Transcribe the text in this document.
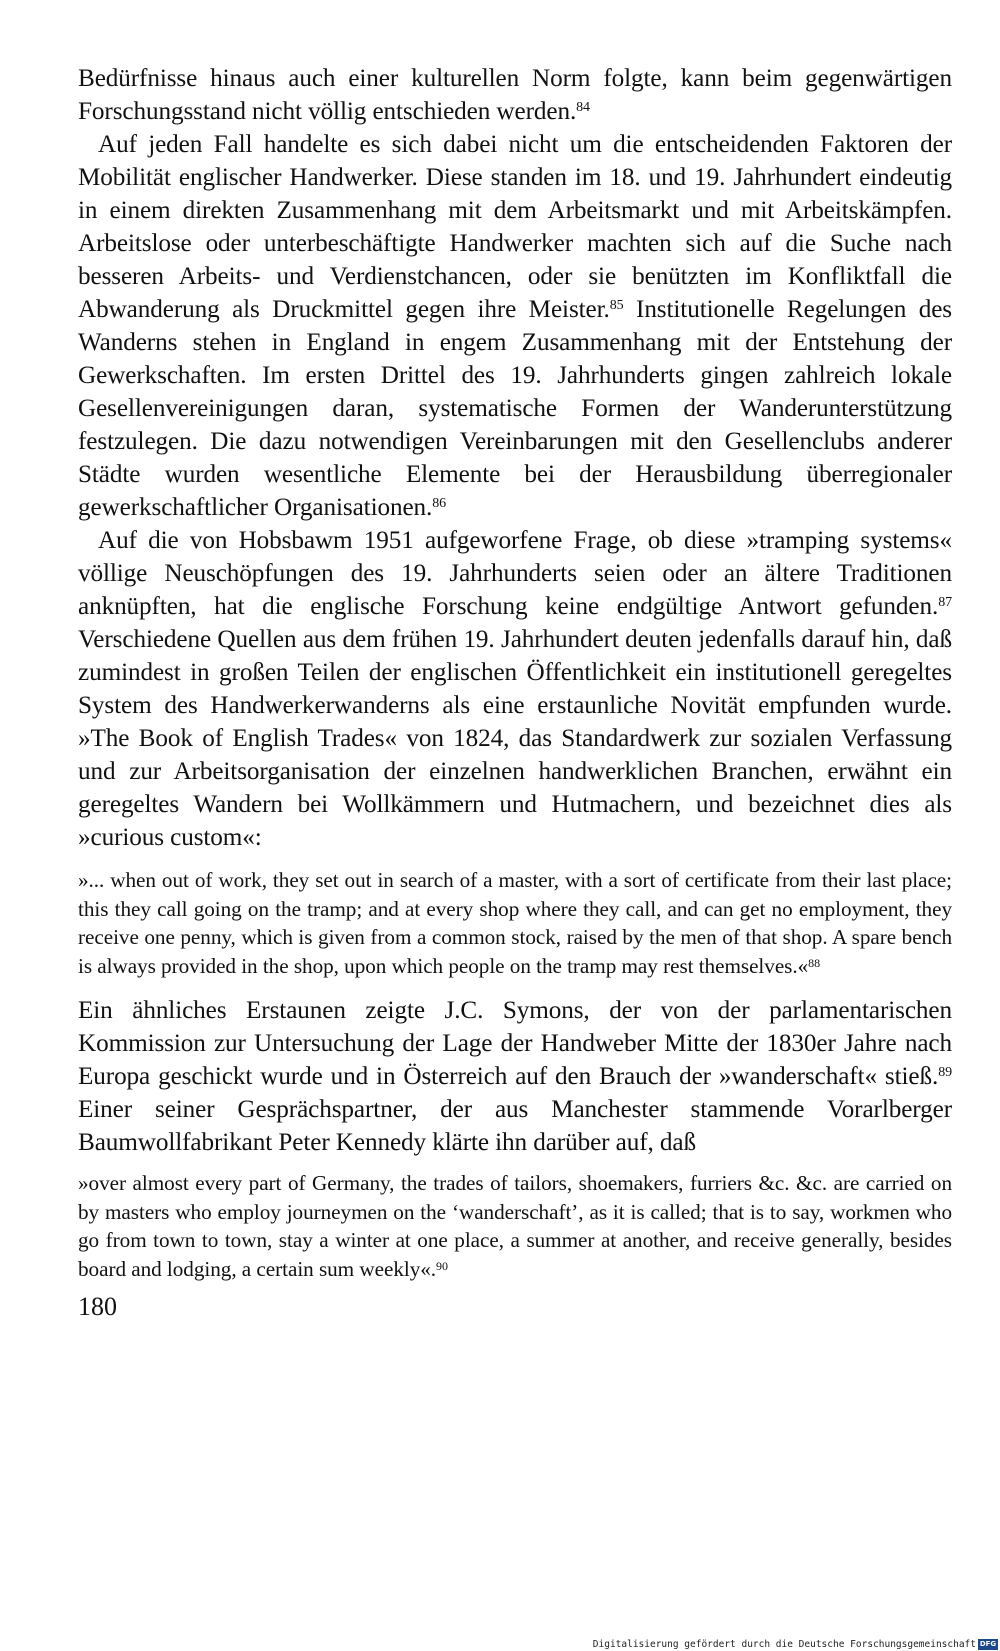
Bedürfnisse hinaus auch einer kulturellen Norm folgte, kann beim gegenwärtigen Forschungsstand nicht völlig entschieden werden.$^{84}$

Auf jeden Fall handelte es sich dabei nicht um die entscheidenden Faktoren der Mobilität englischer Handwerker. Diese standen im 18. und 19. Jahrhundert eindeutig in einem direkten Zusammenhang mit dem Arbeitsmarkt und mit Arbeitskämpfen. Arbeitslose oder unterbeschäftigte Handwerker machten sich auf die Suche nach besseren Arbeits- und Verdienstchancen, oder sie benützten im Konfliktfall die Abwanderung als Druckmittel gegen ihre Meister.$^{85}$ Institutionelle Regelungen des Wanderns stehen in England in engem Zusammenhang mit der Entstehung der Gewerkschaften. Im ersten Drittel des 19. Jahrhunderts gingen zahlreich lokale Gesellenvereinigungen daran, systematische Formen der Wanderunterstützung festzulegen. Die dazu notwendigen Vereinbarungen mit den Gesellenclubs anderer Städte wurden wesentliche Elemente bei der Herausbildung überregionaler gewerkschaftlicher Organisationen.$^{86}$

Auf die von Hobsbawm 1951 aufgeworfene Frage, ob diese »tramping systems« völlige Neuschöpfungen des 19. Jahrhunderts seien oder an ältere Traditionen anknüpften, hat die englische Forschung keine endgültige Antwort gefunden.$^{87}$ Verschiedene Quellen aus dem frühen 19. Jahrhundert deuten jedenfalls darauf hin, daß zumindest in großen Teilen der englischen Öffentlichkeit ein institutionell geregeltes System des Handwerkerwanderns als eine erstaunliche Novität empfunden wurde. »The Book of English Trades« von 1824, das Standardwerk zur sozialen Verfassung und zur Arbeitsorganisation der einzelnen handwerklichen Branchen, erwähnt ein geregeltes Wandern bei Wollkämmern und Hutmachern, und bezeichnet dies als »curious custom«:

»... when out of work, they set out in search of a master, with a sort of certificate from their last place; this they call going on the tramp; and at every shop where they call, and can get no employment, they receive one penny, which is given from a common stock, raised by the men of that shop. A spare bench is always provided in the shop, upon which people on the tramp may rest themselves.«$^{88}$

Ein ähnliches Erstaunen zeigte J.C. Symons, der von der parlamentarischen Kommission zur Untersuchung der Lage der Handweber Mitte der 1830er Jahre nach Europa geschickt wurde und in Österreich auf den Brauch der »wanderschaft« stieß.$^{89}$ Einer seiner Gesprächspartner, der aus Manchester stammende Vorarlberger Baumwollfabrikant Peter Kennedy klärte ihn darüber auf, daß

»over almost every part of Germany, the trades of tailors, shoemakers, furriers &c. &c. are carried on by masters who employ journeymen on the ‘wanderschaft’, as it is called; that is to say, workmen who go from town to town, stay a winter at one place, a summer at another, and receive generally, besides board and lodging, a certain sum weekly«.$^{90}$

180
Digitalisierung gefördert durch die Deutsche Forschungsgemeinschaft DFG
